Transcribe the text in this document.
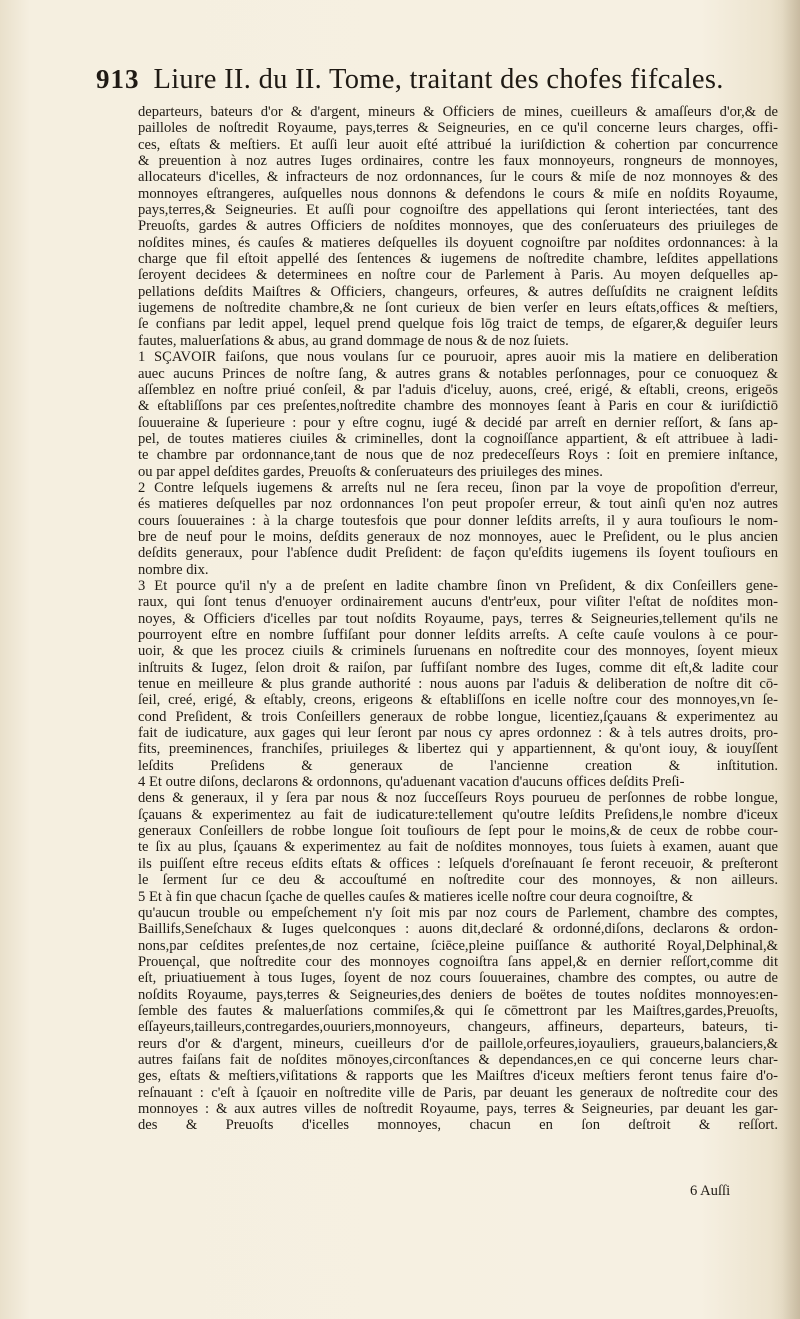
913 Liure II. du II. Tome, traitant des chofes fifcales.
departeurs, bateurs d'or & d'argent, mineurs & Officiers de mines, cueilleurs & amaſſeurs d'or,& de
pailloles de noſtredit Royaume, pays,terres & Seigneuries, en ce qu'il concerne leurs charges, offi-
ces, eſtats & meſtiers. Et auſſi leur auoit eſté attribué la iuriſdiction & cohertion par concurrence
& preuention à noz autres Iuges ordinaires, contre les faux monnoyeurs, rongneurs de monnoyes,
allocateurs d'icelles, & infracteurs de noz ordonnances, ſur le cours & miſe de noz monnoyes & des
monnoyes eſtrangeres, auſquelles nous donnons & defendons le cours & miſe en noſdits Royaume,
pays,terres,& Seigneuries. Et auſſi pour cognoiſtre des appellations qui ſeront interiectées, tant des
Preuoſts, gardes & autres Officiers de noſdites monnoyes, que des conſeruateurs des priuileges de
noſdites mines, és cauſes & matieres deſquelles ils doyuent cognoiſtre par noſdites ordonnances: à la
charge que fil eſtoit appellé des ſentences & iugemens de noſtredite chambre, leſdites appellations
ſeroyent decidees & determinees en noſtre cour de Parlement à Paris. Au moyen deſquelles ap-
pellations deſdits Maiſtres & Officiers, changeurs, orfeures, & autres deſſuſdits ne craignent leſdits
iugemens de noſtredite chambre,& ne ſont curieux de bien verſer en leurs eſtats,offices & meſtiers,
ſe confians par ledit appel, lequel prend quelque fois lōg traict de temps, de eſgarer,& deguiſer leurs
fautes, maluerſations & abus, au grand dommage de nous & de noz ſuiets.
1 SÇAVOIR faiſons, que nous voulans ſur ce pouruoir, apres auoir mis la matiere en deliberation
auec aucuns Princes de noſtre ſang, & autres grans & notables perſonnages, pour ce conuoquez &
aſſemblez en noſtre priué conſeil, & par l'aduis d'iceluy, auons, creé, erigé, & eſtabli, creons, erigeōs
& eſtabliſſons par ces preſentes,noſtredite chambre des monnoyes ſeant à Paris en cour & iuriſdictiō
ſouueraine & ſuperieure : pour y eſtre cognu, iugé & decidé par arreſt en dernier reſſort, & ſans ap-
pel, de toutes matieres ciuiles & criminelles, dont la cognoiſſance appartient, & eſt attribuee à ladi-
te chambre par ordonnance,tant de nous que de noz predeceſſeurs Roys : ſoit en premiere inſtance,
ou par appel deſdites gardes, Preuoſts & conſeruateurs des priuileges des mines.
2 Contre leſquels iugemens & arreſts nul ne ſera receu, ſinon par la voye de propoſition d'erreur,
és matieres deſquelles par noz ordonnances l'on peut propoſer erreur, & tout ainſi qu'en noz autres
cours ſouueraines : à la charge toutesfois que pour donner leſdits arreſts, il y aura touſiours le nom-
bre de neuf pour le moins, deſdits generaux de noz monnoyes, auec le Preſident, ou le plus ancien
deſdits generaux, pour l'abſence dudit Preſident: de façon qu'eſdits iugemens ils ſoyent touſiours en
nombre dix.
3 Et pource qu'il n'y a de preſent en ladite chambre ſinon vn Preſident, & dix Conſeillers gene-
raux, qui ſont tenus d'enuoyer ordinairement aucuns d'entr'eux, pour viſiter l'eſtat de noſdites mon-
noyes, & Officiers d'icelles par tout noſdits Royaume, pays, terres & Seigneuries,tellement qu'ils ne
pourroyent eſtre en nombre ſuffiſant pour donner leſdits arreſts. A ceſte cauſe voulons à ce pour-
uoir, & que les procez ciuils & criminels ſuruenans en noſtredite cour des monnoyes, ſoyent mieux
inſtruits & Iugez, ſelon droit & raiſon, par ſuffiſant nombre des Iuges, comme dit eſt,& ladite cour
tenue en meilleure & plus grande authorité : nous auons par l'aduis & deliberation de noſtre dit cō-
ſeil, creé, erigé, & eſtably, creons, erigeons & eſtabliſſons en icelle noſtre cour des monnoyes,vn ſe-
cond Preſident, & trois Conſeillers generaux de robbe longue, licentiez,ſçauans & experimentez au
fait de iudicature, aux gages qui leur ſeront par nous cy apres ordonnez : & à tels autres droits, pro-
fits, preeminences, franchiſes, priuileges & libertez qui y appartiennent, & qu'ont iouy, & iouyſſent
leſdits Preſidens & generaux de l'ancienne creation & inſtitution.
4 Et outre diſons, declarons & ordonnons, qu'aduenant vacation d'aucuns offices deſdits Preſi-
dens & generaux, il y ſera par nous & noz ſucceſſeurs Roys pourueu de perſonnes de robbe longue,
ſçauans & experimentez au fait de iudicature:tellement qu'outre leſdits Preſidens,le nombre d'iceux
generaux Conſeillers de robbe longue ſoit touſiours de ſept pour le moins,& de ceux de robbe cour-
te ſix au plus, ſçauans & experimentez au fait de noſdites monnoyes, tous ſuiets à examen, auant que
ils puiſſent eſtre receus eſdits eſtats & offices : leſquels d'oreſnauant ſe feront receuoir, & preſteront
le ſerment ſur ce deu & accouſtumé en noſtredite cour des monnoyes, & non ailleurs.
5 Et à fin que chacun ſçache de quelles cauſes & matieres icelle noſtre cour deura cognoiſtre, &
qu'aucun trouble ou empeſchement n'y ſoit mis par noz cours de Parlement, chambre des comptes,
Baillifs,Seneſchaux & Iuges quelconques : auons dit,declaré & ordonné,diſons, declarons & ordon-
nons,par ceſdites preſentes,de noz certaine, ſciēce,pleine puiſſance & authorité Royal,Delphinal,&
Prouençal, que noſtredite cour des monnoyes cognoiſtra ſans appel,& en dernier reſſort,comme dit
eſt, priuatiuement à tous Iuges, ſoyent de noz cours ſouueraines, chambre des comptes, ou autre de
noſdits Royaume, pays,terres & Seigneuries,des deniers de boëtes de toutes noſdites monnoyes:en-
ſemble des fautes & maluerſations commiſes,& qui ſe cōmettront par les Maiſtres,gardes,Preuoſts,
eſſayeurs,tailleurs,contregardes,ouuriers,monnoyeurs, changeurs, affineurs, departeurs, bateurs, ti-
reurs d'or & d'argent, mineurs, cueilleurs d'or de paillole,orfeures,ioyauliers, graueurs,balanciers,&
autres faiſans fait de noſdites mōnoyes,circonſtances & dependances,en ce qui concerne leurs char-
ges, eſtats & meſtiers,viſitations & rapports que les Maiſtres d'iceux meſtiers feront tenus faire d'o-
reſnauant : c'eſt à ſçauoir en noſtredite ville de Paris, par deuant les generaux de noſtredite cour des
monnoyes : & aux autres villes de noſtredit Royaume, pays, terres & Seigneuries, par deuant les gar-
des & Preuoſts d'icelles monnoyes, chacun en ſon deſtroit & reſſort.
6 Auſſi
